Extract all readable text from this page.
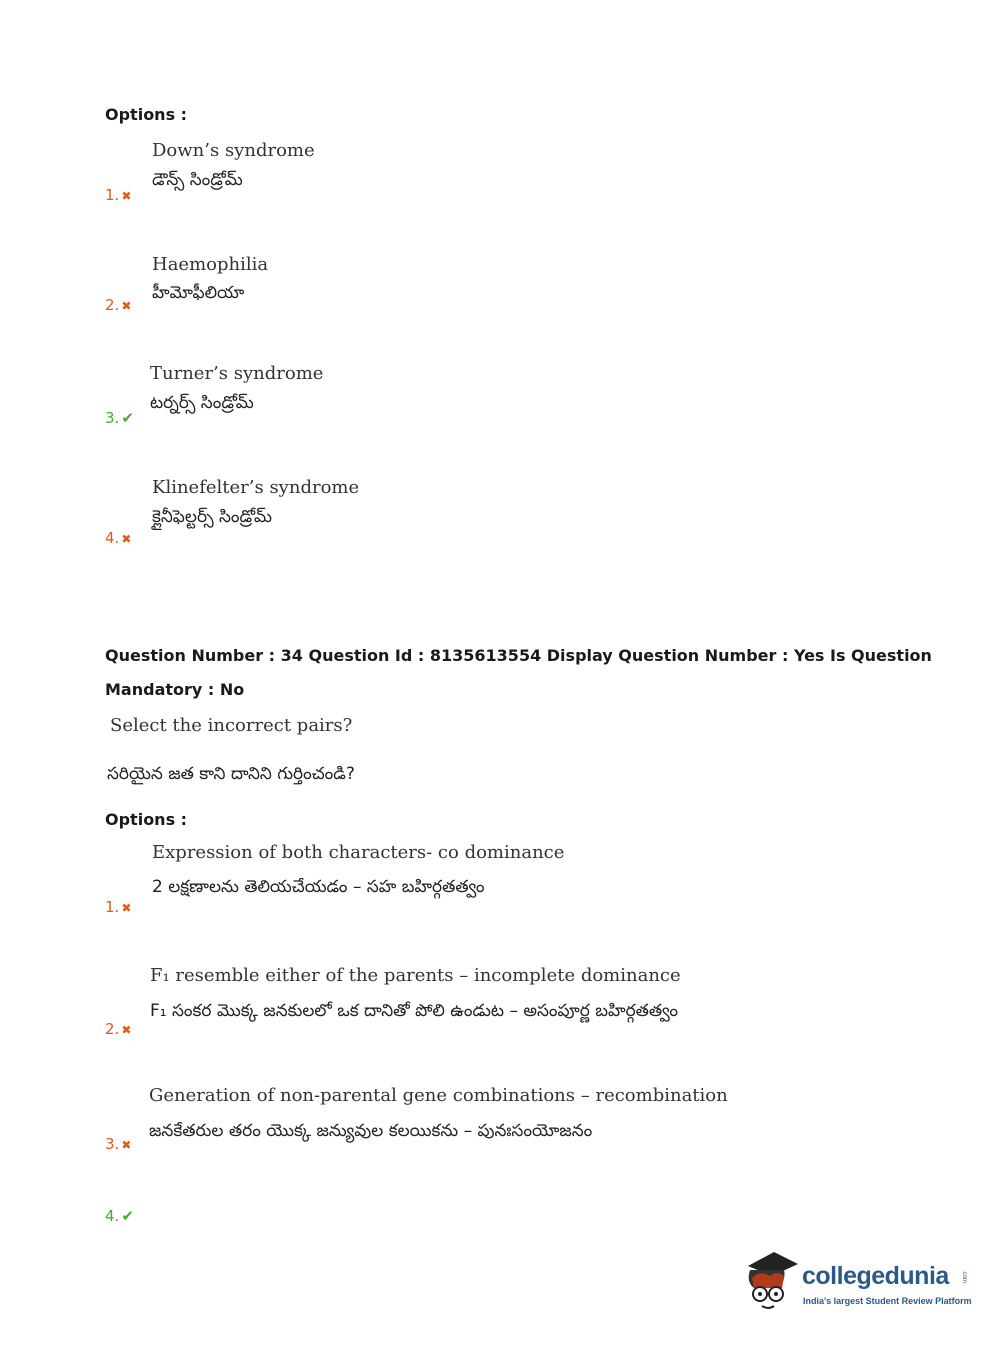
Options :
Down’s syndrome
డౌన్స్ సిండ్రోమ్
1. ✖
Haemophilia
హీమోఫీలియా
2. ✖
Turner’s syndrome
టర్నర్స్ సిండ్రోమ్
3. ✔
Klinefelter’s syndrome
క్లైనీఫెల్టర్స్ సిండ్రోమ్
4. ✖
Question Number : 34 Question Id : 8135613554 Display Question Number : Yes Is Question
Mandatory : No
Select the incorrect pairs?
సరియైన జత కాని దానిని గుర్తించండి?
Options :
Expression of both characters- co dominance
2 లక్షణాలను తెలియచేయడం – సహ బహిర్గతత్వం
1. ✖
F₁ resemble either of the parents – incomplete dominance
F₁ సంకర మొక్క జనకులలో ఒక దానితో పోలి ఉండుట – అసంపూర్ణ బహిర్గతత్వం
2. ✖
Generation of non-parental gene combinations – recombination
జనకేతరుల తరం యొక్క జన్యువుల కలయికను – పునఃసంయోజనం
3. ✖
4. ✔
collegedunia .com
India's largest Student Review Platform
